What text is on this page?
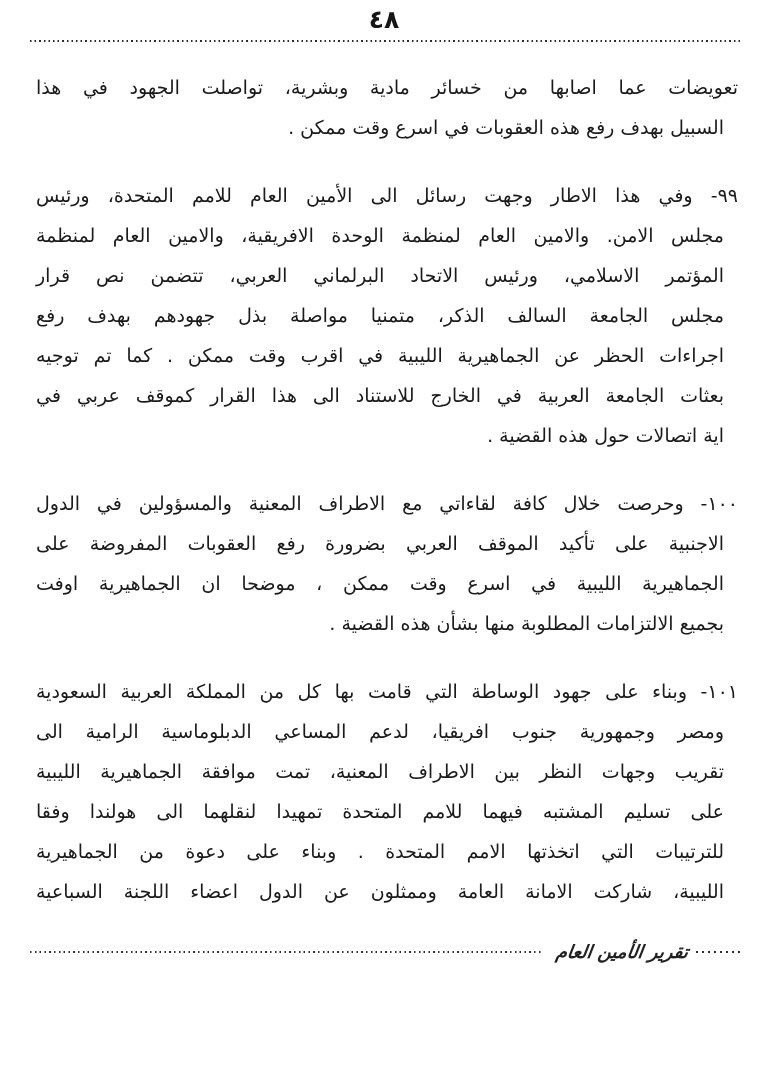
٤٨
تعويضات عما اصابها من خسائر مادية وبشرية، تواصلت الجهود في هذا
السبيل بهدف رفع هذه العقوبات في اسرع وقت ممكن .
٩٩- وفي هذا الاطار وجهت رسائل الى الأمين العام للامم المتحدة، ورئيس
مجلس الامن. والامين العام لمنظمة الوحدة الافريقية، والامين العام لمنظمة
المؤتمر الاسلامي، ورئيس الاتحاد البرلماني العربي، تتضمن نص قرار
مجلس الجامعة السالف الذكر، متمنيا مواصلة بذل جهودهم بهدف رفع
اجراءات الحظر عن الجماهيرية الليبية في اقرب وقت ممكن . كما تم توجيه
بعثات الجامعة العربية في الخارج للاستناد الى هذا القرار كموقف عربي في
اية اتصالات حول هذه القضية .
١٠٠- وحرصت خلال كافة لقاءاتي مع الاطراف المعنية والمسؤولين في الدول
الاجنبية على تأكيد الموقف العربي بضرورة رفع العقوبات المفروضة على
الجماهيرية الليبية في اسرع وقت ممكن ، موضحا ان الجماهيرية اوفت
بجميع الالتزامات المطلوبة منها بشأن هذه القضية .
١٠١- وبناء على جهود الوساطة التي قامت بها كل من المملكة العربية السعودية
ومصر وجمهورية جنوب افريقيا، لدعم المساعي الدبلوماسية الرامية الى
تقريب وجهات النظر بين الاطراف المعنية، تمت موافقة الجماهيرية الليبية
على تسليم المشتبه فيهما للامم المتحدة تمهيدا لنقلهما الى هولندا وفقا
للترتيبات التي اتخذتها الامم المتحدة . وبناء على دعوة من الجماهيرية
الليبية، شاركت الامانة العامة وممثلون عن الدول اعضاء اللجنة السباعية
تقرير الأمين العام
